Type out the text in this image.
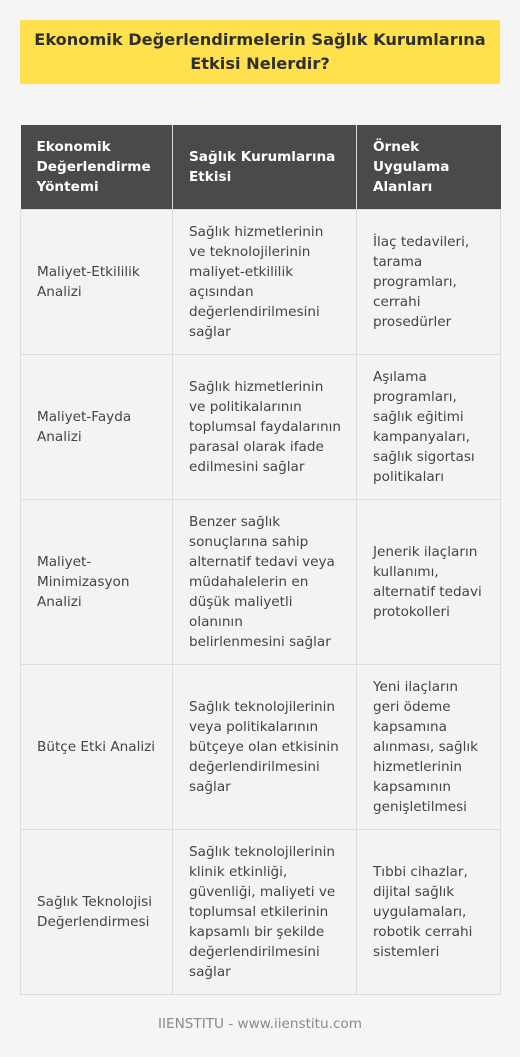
Ekonomik Değerlendirmelerin Sağlık Kurumlarına Etkisi Nelerdir?
Ekonomik Değerlendirme Yöntemi	Sağlık Kurumlarına Etkisi	Örnek Uygulama Alanları
Maliyet-Etkililik Analizi	Sağlık hizmetlerinin ve teknolojilerinin maliyet-etkililik açısından değerlendirilmesini sağlar	İlaç tedavileri, tarama programları, cerrahi prosedürler
Maliyet-Fayda Analizi	Sağlık hizmetlerinin ve politikalarının toplumsal faydalarının parasal olarak ifade edilmesini sağlar	Aşılama programları, sağlık eğitimi kampanyaları, sağlık sigortası politikaları
Maliyet-Minimizasyon Analizi	Benzer sağlık sonuçlarına sahip alternatif tedavi veya müdahalelerin en düşük maliyetli olanının belirlenmesini sağlar	Jenerik ilaçların kullanımı, alternatif tedavi protokolleri
Bütçe Etki Analizi	Sağlık teknolojilerinin veya politikalarının bütçeye olan etkisinin değerlendirilmesini sağlar	Yeni ilaçların geri ödeme kapsamına alınması, sağlık hizmetlerinin kapsamının genişletilmesi
Sağlık Teknolojisi Değerlendirmesi	Sağlık teknolojilerinin klinik etkinliği, güvenliği, maliyeti ve toplumsal etkilerinin kapsamlı bir şekilde değerlendirilmesini sağlar	Tıbbi cihazlar, dijital sağlık uygulamaları, robotik cerrahi sistemleri
IIENSTITU - www.iienstitu.com
